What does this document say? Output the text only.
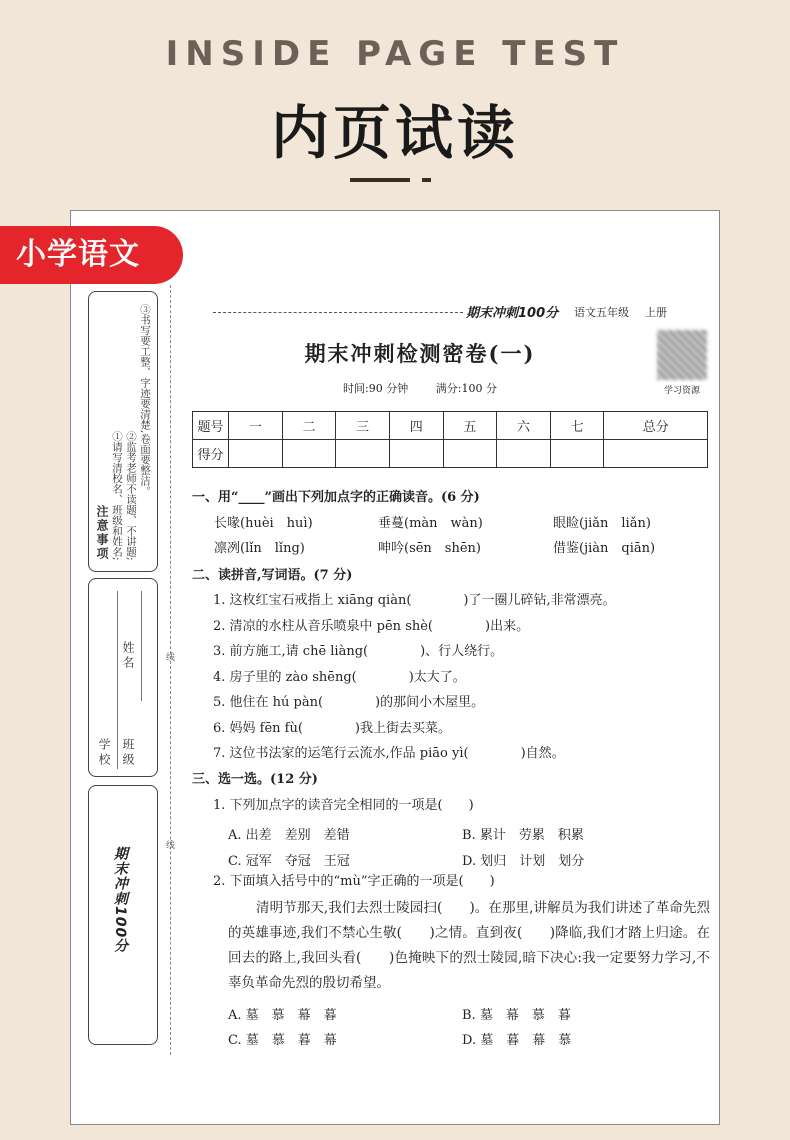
INSIDE PAGE TEST
内页试读
小学语文
注意事项 ①请写清校名、班级和姓名; ②监考老师不读题、不讲题; ③书写要工整、字迹要清楚,卷面要整洁。
学校 班级
姓名
期末冲刺100分
线
线
期末冲刺100分 语文五年级 上册
期末冲刺检测密卷(一)
时间:90 分钟	满分:100 分	学习资源
题号	一	二	三	四	五	六	七	总分
得分								
一、用“____”画出下列加点字的正确读音。(6 分)
长喙(huèi　huì)	垂蔓(màn　wàn)	眼睑(jiǎn　liǎn)
凛冽(lǐn　lǐng)	呻吟(sēn　shēn)	借鉴(jiàn　qiān)
二、读拼音,写词语。(7 分)
1. 这枚红宝石戒指上 xiāng qiàn(　　　　)了一圈儿碎钻,非常漂亮。
2. 清凉的水柱从音乐喷泉中 pēn shè(　　　　)出来。
3. 前方施工,请 chē liàng(　　　　)、行人绕行。
4. 房子里的 zào shēng(　　　　)太大了。
5. 他住在 hú pàn(　　　　)的那间小木屋里。
6. 妈妈 fēn fù(　　　　)我上街去买菜。
7. 这位书法家的运笔行云流水,作品 piāo yì(　　　　)自然。
三、选一选。(12 分)
1. 下列加点字的读音完全相同的一项是(　　)
A. 出差　差别　差错	B. 累计　劳累　积累
C. 冠军　夺冠　王冠	D. 划归　计划　划分
2. 下面填入括号中的“mù”字正确的一项是(　　)
清明节那天,我们去烈士陵园扫(　　)。在那里,讲解员为我们讲述了革命先烈的英雄事迹,我们不禁心生敬(　　)之情。直到夜(　　)降临,我们才踏上归途。在回去的路上,我回头看(　　)色掩映下的烈士陵园,暗下决心:我一定要努力学习,不辜负革命先烈的殷切希望。
A. 墓　慕　幕　暮	B. 墓　幕　慕　暮
C. 墓　慕　暮　幕	D. 墓　暮　幕　慕
